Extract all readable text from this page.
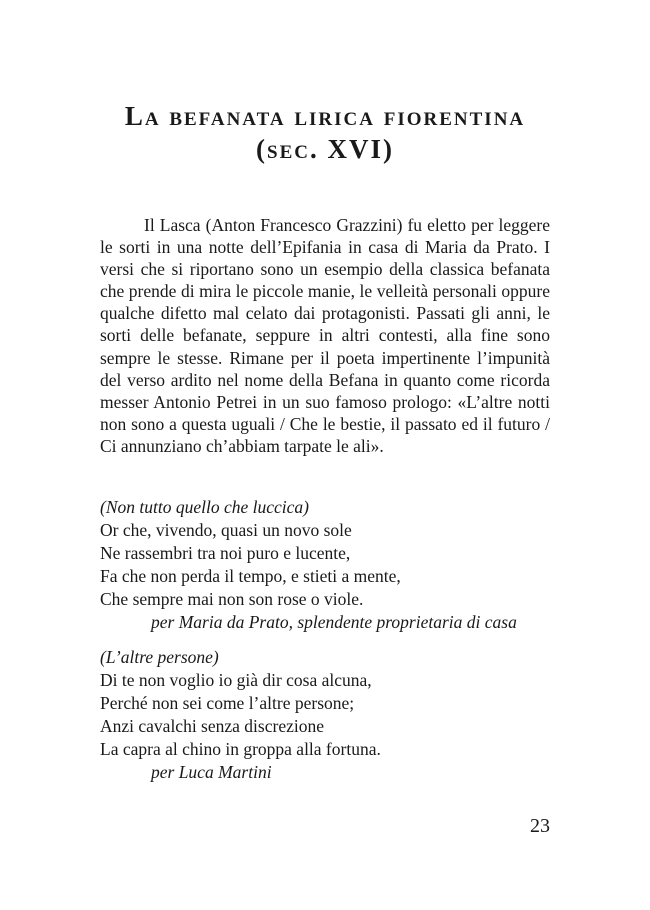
La befanata lirica fiorentina
(sec. XVI)

Il Lasca (Anton Francesco Grazzini) fu eletto per leggere le sorti in una notte dell’Epifania in casa di Maria da Prato. I versi che si riportano sono un esempio della classica befanata che prende di mira le piccole manie, le velleità personali oppure qualche difetto mal celato dai protagonisti. Passati gli anni, le sorti delle befanate, seppure in altri contesti, alla fine sono sempre le stesse. Rimane per il poeta impertinente l’impunità del verso ardito nel nome della Befana in quanto come ricorda messer Antonio Petrei in un suo famoso prologo: «L’altre notti non sono a questa uguali / Che le bestie, il passato ed il futuro / Ci annunziano ch’abbiam tarpate le ali».

(Non tutto quello che luccica)
Or che, vivendo, quasi un novo sole
Ne rassembri tra noi puro e lucente,
Fa che non perda il tempo, e stieti a mente,
Che sempre mai non son rose o viole.
per Maria da Prato, splendente proprietaria di casa
(L’altre persone)
Di te non voglio io già dir cosa alcuna,
Perché non sei come l’altre persone;
Anzi cavalchi senza discrezione
La capra al chino in groppa alla fortuna.
per Luca Martini

23
